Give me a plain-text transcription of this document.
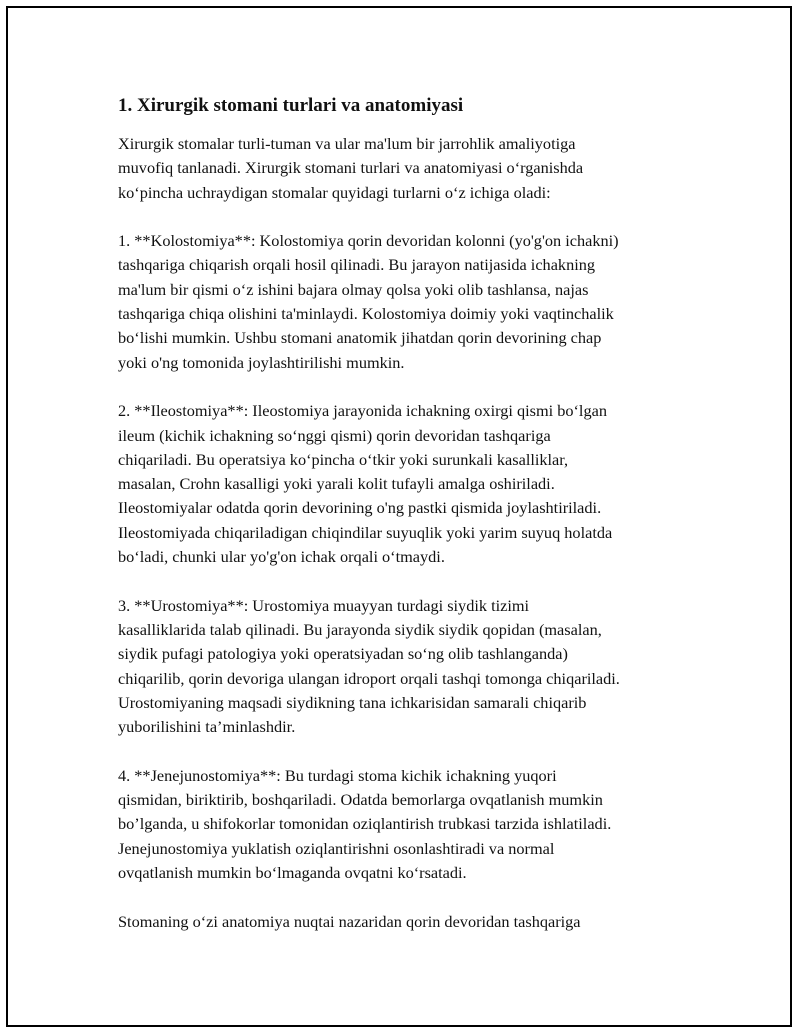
1. Xirurgik stomani turlari va anatomiyasi
Xirurgik stomalar turli-tuman va ular ma'lum bir jarrohlik amaliyotiga
muvofiq tanlanadi. Xirurgik stomani turlari va anatomiyasi o‘rganishda
ko‘pincha uchraydigan stomalar quyidagi turlarni o‘z ichiga oladi:
1. **Kolostomiya**: Kolostomiya qorin devoridan kolonni (yo'g'on ichakni)
tashqariga chiqarish orqali hosil qilinadi. Bu jarayon natijasida ichakning
ma'lum bir qismi o‘z ishini bajara olmay qolsa yoki olib tashlansa, najas
tashqariga chiqa olishini ta'minlaydi. Kolostomiya doimiy yoki vaqtinchalik
bo‘lishi mumkin. Ushbu stomani anatomik jihatdan qorin devorining chap
yoki o'ng tomonida joylashtirilishi mumkin.
2. **Ileostomiya**: Ileostomiya jarayonida ichakning oxirgi qismi bo‘lgan
ileum (kichik ichakning so‘nggi qismi) qorin devoridan tashqariga
chiqariladi. Bu operatsiya ko‘pincha o‘tkir yoki surunkali kasalliklar,
masalan, Crohn kasalligi yoki yarali kolit tufayli amalga oshiriladi.
Ileostomiyalar odatda qorin devorining o'ng pastki qismida joylashtiriladi.
Ileostomiyada chiqariladigan chiqindilar suyuqlik yoki yarim suyuq holatda
bo‘ladi, chunki ular yo'g'on ichak orqali o‘tmaydi.
3. **Urostomiya**: Urostomiya muayyan turdagi siydik tizimi
kasalliklarida talab qilinadi. Bu jarayonda siydik siydik qopidan (masalan,
siydik pufagi patologiya yoki operatsiyadan so‘ng olib tashlanganda)
chiqarilib, qorin devoriga ulangan idroport orqali tashqi tomonga chiqariladi.
Urostomiyaning maqsadi siydikning tana ichkarisidan samarali chiqarib
yuborilishini ta’minlashdir.
4. **Jenejunostomiya**: Bu turdagi stoma kichik ichakning yuqori
qismidan, biriktirib, boshqariladi. Odatda bemorlarga ovqatlanish mumkin
bo’lganda, u shifokorlar tomonidan oziqlantirish trubkasi tarzida ishlatiladi.
Jenejunostomiya yuklatish oziqlantirishni osonlashtiradi va normal
ovqatlanish mumkin bo‘lmaganda ovqatni ko‘rsatadi.
Stomaning o‘zi anatomiya nuqtai nazaridan qorin devoridan tashqariga
